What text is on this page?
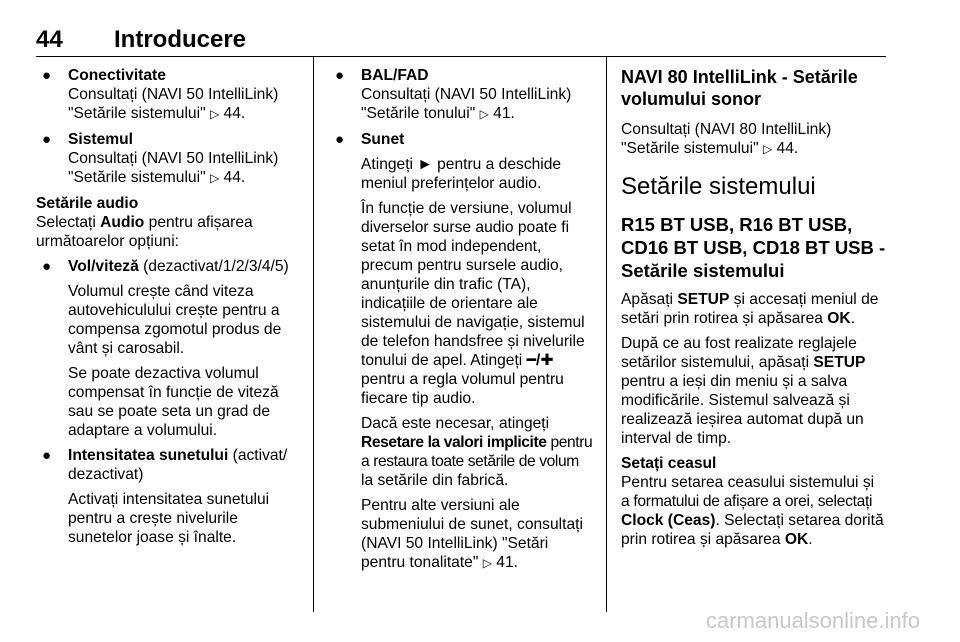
44 Introducere
● Conectivitate
Consultați (NAVI 50 IntelliLink)
"Setările sistemului" ▷ 44.
● Sistemul
Consultați (NAVI 50 IntelliLink)
"Setările sistemului" ▷ 44.
Setările audio
Selectați Audio pentru afișarea
următoarelor opțiuni:
● Vol/viteză (dezactivat/1/2/3/4/5)
Volumul crește când viteza
autovehiculului crește pentru a
compensa zgomotul produs de
vânt și carosabil.
Se poate dezactiva volumul
compensat în funcție de viteză
sau se poate seta un grad de
adaptare a volumului.
● Intensitatea sunetului (activat/
dezactivat)
Activați intensitatea sunetului
pentru a crește nivelurile
sunetelor joase și înalte.
● BAL/FAD
Consultați (NAVI 50 IntelliLink)
"Setările tonului" ▷ 41.
● Sunet
Atingeți ► pentru a deschide
meniul preferințelor audio.
În funcție de versiune, volumul
diverselor surse audio poate fi
setat în mod independent,
precum pentru sursele audio,
anunțurile din trafic (TA),
indicațiile de orientare ale
sistemului de navigație, sistemul
de telefon handsfree și nivelurile
tonului de apel. Atingeți ━/✚
pentru a regla volumul pentru
fiecare tip audio.
Dacă este necesar, atingeți
Resetare la valori implicite pentru
a restaura toate setările de volum
la setările din fabrică.
Pentru alte versiuni ale
submeniului de sunet, consultați
(NAVI 50 IntelliLink) "Setări
pentru tonalitate" ▷ 41.
NAVI 80 IntelliLink - Setările
volumului sonor
Consultați (NAVI 80 IntelliLink)
"Setările sistemului" ▷ 44.
Setările sistemului
R15 BT USB, R16 BT USB,
CD16 BT USB, CD18 BT USB -
Setările sistemului
Apăsați SETUP și accesați meniul de
setări prin rotirea și apăsarea OK.
După ce au fost realizate reglajele
setărilor sistemului, apăsați SETUP
pentru a ieși din meniu și a salva
modificările. Sistemul salvează și
realizează ieșirea automat după un
interval de timp.
Setați ceasul
Pentru setarea ceasului sistemului și
a formatului de afișare a orei, selectați
Clock (Ceas). Selectați setarea dorită
prin rotirea și apăsarea OK.
carmanualsonline.info
